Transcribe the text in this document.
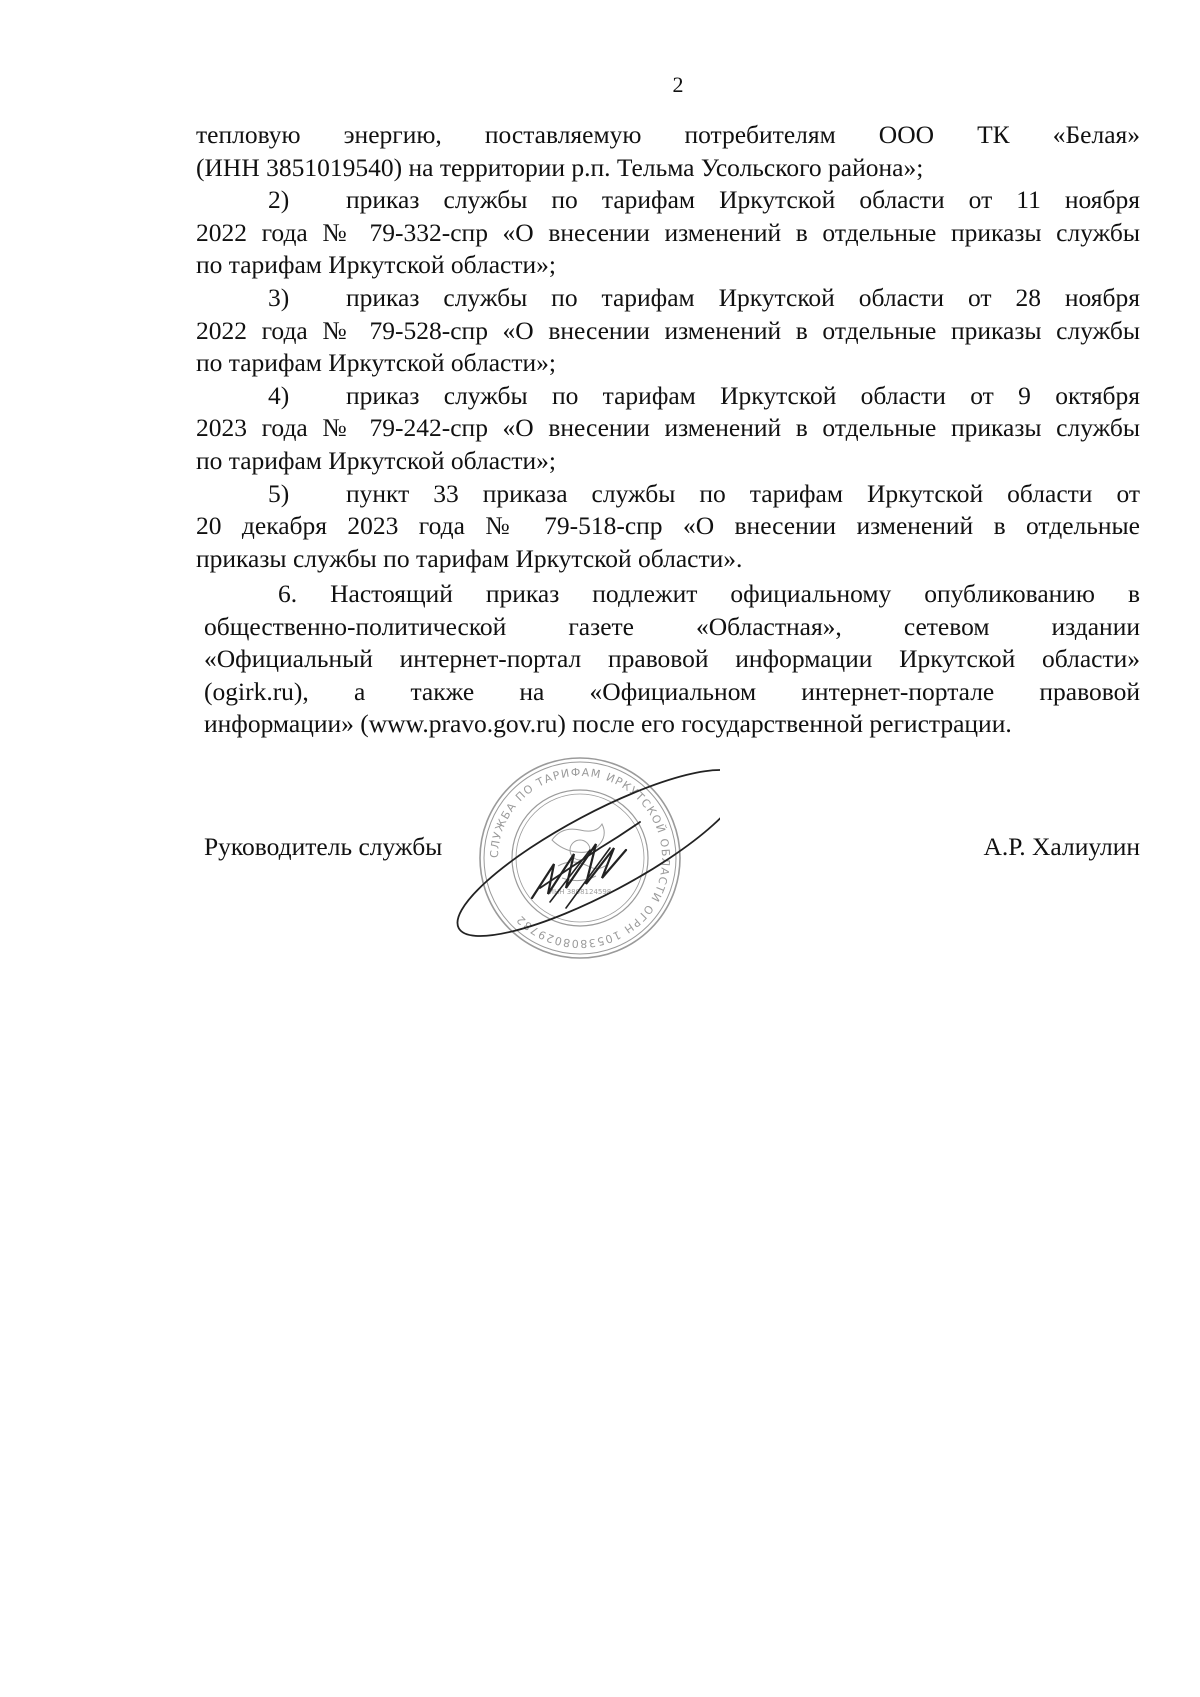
2
тепловую энергию, поставляемую потребителям ООО ТК «Белая»
(ИНН 3851019540) на территории р.п. Тельма Усольского района»;
2) приказ службы по тарифам Иркутской области от 11 ноября
2022 года № 79-332-спр «О внесении изменений в отдельные приказы службы
по тарифам Иркутской области»;
3) приказ службы по тарифам Иркутской области от 28 ноября
2022 года № 79-528-спр «О внесении изменений в отдельные приказы службы
по тарифам Иркутской области»;
4) приказ службы по тарифам Иркутской области от 9 октября
2023 года № 79-242-спр «О внесении изменений в отдельные приказы службы
по тарифам Иркутской области»;
5) пункт 33 приказа службы по тарифам Иркутской области от
20 декабря 2023 года № 79-518-спр «О внесении изменений в отдельные
приказы службы по тарифам Иркутской области».
6. Настоящий приказ подлежит официальному опубликованию в
общественно-политической газете «Областная», сетевом издании
«Официальный интернет-портал правовой информации Иркутской области»
(ogirk.ru), а также на «Официальном интернет-портале правовой
информации» (www.pravo.gov.ru) после его государственной регистрации.
Руководитель службы	А.Р. Халиулин
СЛУЖБА ПО ТАРИФАМ ИРКУТСКОЙ ОБЛАСТИ ОГРН 1053808029782
ИНН 3808124598
